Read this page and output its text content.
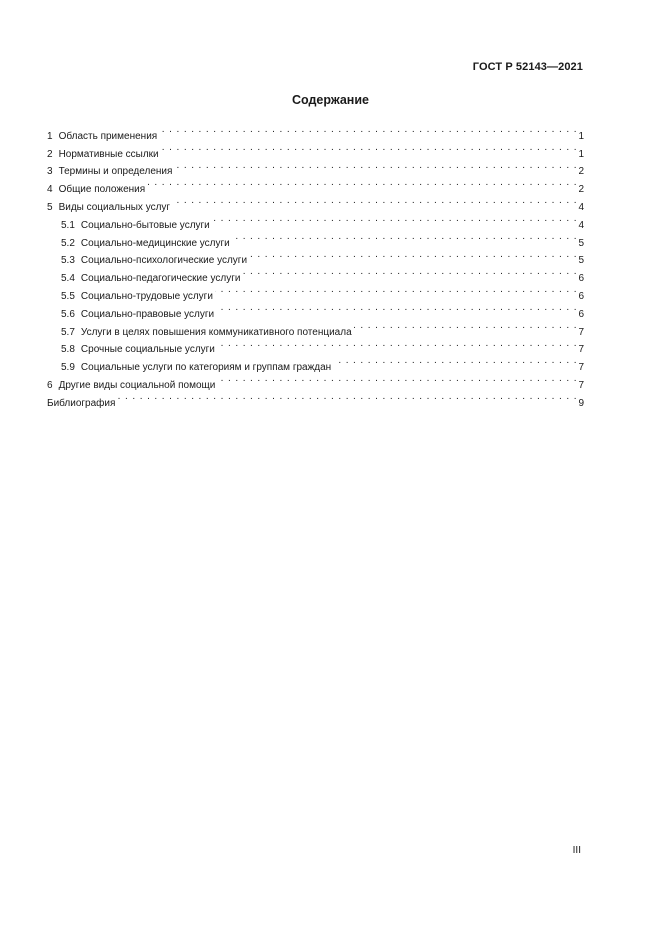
ГОСТ Р 52143—2021
Содержание
1 Область применения . . .	1
2 Нормативные ссылки . . .	1
3 Термины и определения . . .	2
4 Общие положения . . .	2
5 Виды социальных услуг . . .	4
5.1 Социально-бытовые услуги . . .	4
5.2 Социально-медицинские услуги . . .	5
5.3 Социально-психологические услуги . . .	5
5.4 Социально-педагогические услуги . . .	6
5.5 Социально-трудовые услуги . . .	6
5.6 Социально-правовые услуги . . .	6
5.7 Услуги в целях повышения коммуникативного потенциала . . .	7
5.8 Срочные социальные услуги . . .	7
5.9 Социальные услуги по категориям и группам граждан . . .	7
6 Другие виды социальной помощи . . .	7
Библиография . . .	9
III
